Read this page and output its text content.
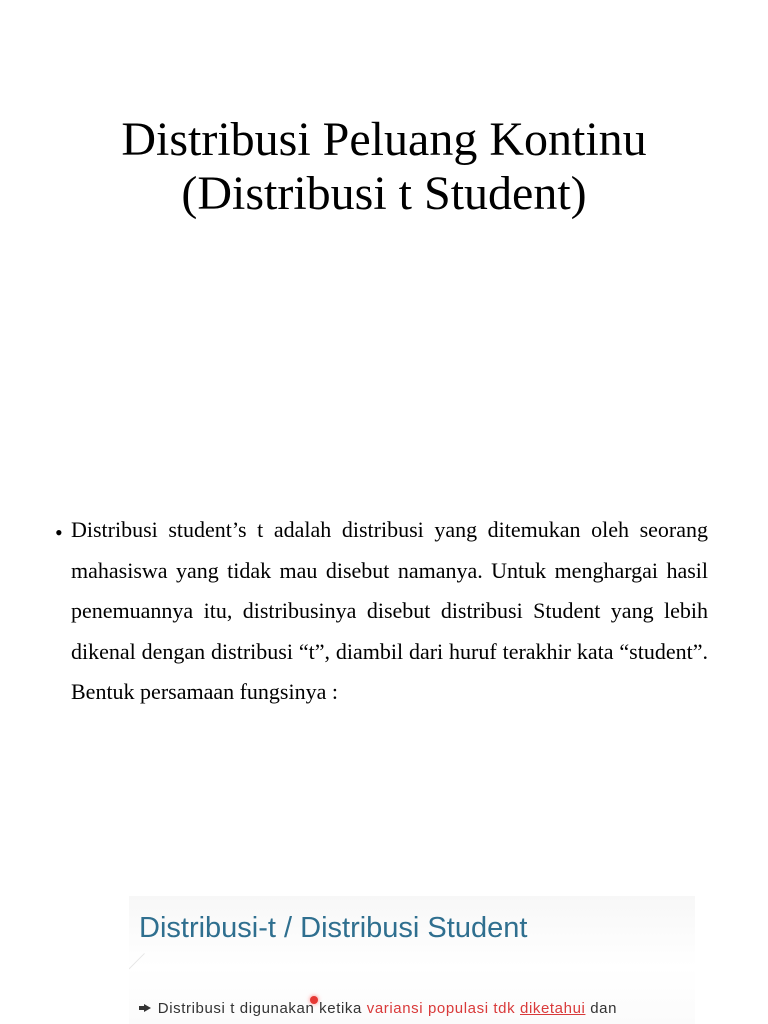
Distribusi Peluang Kontinu
(Distribusi t Student)
• Distribusi student’s t adalah distribusi yang ditemukan oleh seorang mahasiswa yang tidak mau disebut namanya. Untuk menghargai hasil penemuannya itu, distribusinya disebut distribusi Student yang lebih dikenal dengan distribusi “t”, diambil dari huruf terakhir kata “student”. Bentuk persamaan fungsinya :
Distribusi-t / Distribusi Student
Distribusi t digunakan ketika variansi populasi tdk diketahui dan
